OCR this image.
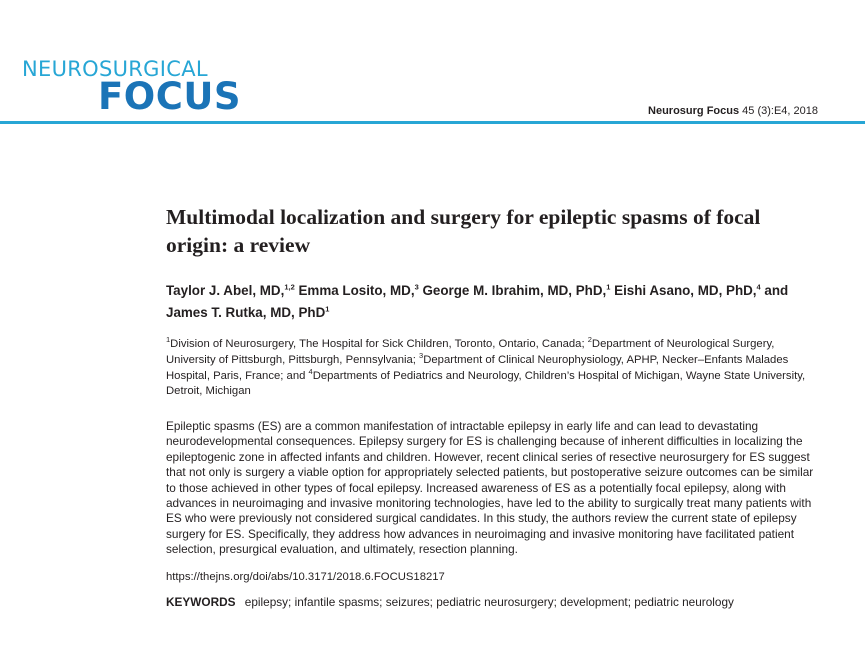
NEUROSURGICAL
FOCUS	Neurosurg Focus 45 (3):E4, 2018
Multimodal localization and surgery for epileptic spasms of focal origin: a review
Taylor J. Abel, MD,$^{1,2}$ Emma Losito, MD,$^3$ George M. Ibrahim, MD, PhD,$^1$ Eishi Asano, MD, PhD,$^4$ and James T. Rutka, MD, PhD$^1$
$^1$Division of Neurosurgery, The Hospital for Sick Children, Toronto, Ontario, Canada; $^2$Department of Neurological Surgery, University of Pittsburgh, Pittsburgh, Pennsylvania; $^3$Department of Clinical Neurophysiology, APHP, Necker–Enfants Malades Hospital, Paris, France; and $^4$Departments of Pediatrics and Neurology, Children’s Hospital of Michigan, Wayne State University, Detroit, Michigan

Epileptic spasms (ES) are a common manifestation of intractable epilepsy in early life and can lead to devastating neurodevelopmental consequences. Epilepsy surgery for ES is challenging because of inherent difficulties in localizing the epileptogenic zone in affected infants and children. However, recent clinical series of resective neurosurgery for ES suggest that not only is surgery a viable option for appropriately selected patients, but postoperative seizure outcomes can be similar to those achieved in other types of focal epilepsy. Increased awareness of ES as a potentially focal epilepsy, along with advances in neuroimaging and invasive monitoring technologies, have led to the ability to surgically treat many patients with ES who were previously not considered surgical candidates. In this study, the authors review the current state of epilepsy surgery for ES. Specifically, they address how advances in neuroimaging and invasive monitoring have facilitated patient selection, presurgical evaluation, and ultimately, resection planning.

https://thejns.org/doi/abs/10.3171/2018.6.FOCUS18217
KEYWORDS epilepsy; infantile spasms; seizures; pediatric neurosurgery; development; pediatric neurology
